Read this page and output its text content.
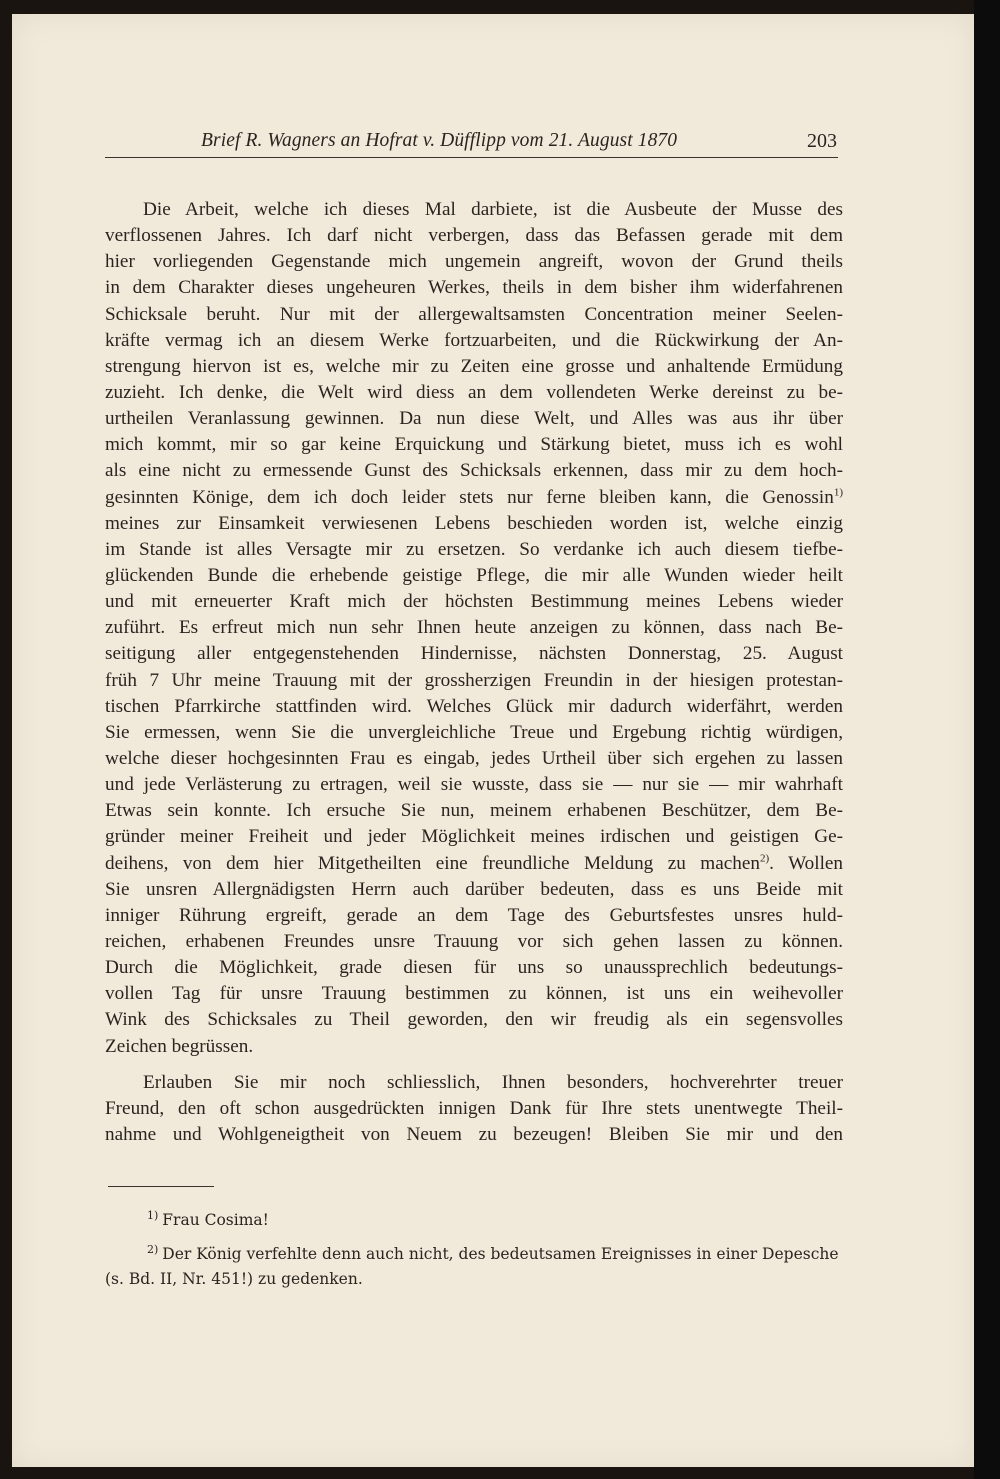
Brief R. Wagners an Hofrat v. Düfflipp vom 21. August 1870	203
Die Arbeit, welche ich dieses Mal darbiete, ist die Ausbeute der Musse des
verflossenen Jahres. Ich darf nicht verbergen, dass das Befassen gerade mit dem
hier vorliegenden Gegenstande mich ungemein angreift, wovon der Grund theils
in dem Charakter dieses ungeheuren Werkes, theils in dem bisher ihm widerfahrenen
Schicksale beruht. Nur mit der allergewaltsamsten Concentration meiner Seelen-
kräfte vermag ich an diesem Werke fortzuarbeiten, und die Rückwirkung der An-
strengung hiervon ist es, welche mir zu Zeiten eine grosse und anhaltende Ermüdung
zuzieht. Ich denke, die Welt wird diess an dem vollendeten Werke dereinst zu be-
urtheilen Veranlassung gewinnen. Da nun diese Welt, und Alles was aus ihr über
mich kommt, mir so gar keine Erquickung und Stärkung bietet, muss ich es wohl
als eine nicht zu ermessende Gunst des Schicksals erkennen, dass mir zu dem hoch-
gesinnten Könige, dem ich doch leider stets nur ferne bleiben kann, die Genossin$^{1)}$
meines zur Einsamkeit verwiesenen Lebens beschieden worden ist, welche einzig
im Stande ist alles Versagte mir zu ersetzen. So verdanke ich auch diesem tiefbe-
glückenden Bunde die erhebende geistige Pflege, die mir alle Wunden wieder heilt
und mit erneuerter Kraft mich der höchsten Bestimmung meines Lebens wieder
zuführt. Es erfreut mich nun sehr Ihnen heute anzeigen zu können, dass nach Be-
seitigung aller entgegenstehenden Hindernisse, nächsten Donnerstag, 25. August
früh 7 Uhr meine Trauung mit der grossherzigen Freundin in der hiesigen protestan-
tischen Pfarrkirche stattfinden wird. Welches Glück mir dadurch widerfährt, werden
Sie ermessen, wenn Sie die unvergleichliche Treue und Ergebung richtig würdigen,
welche dieser hochgesinnten Frau es eingab, jedes Urtheil über sich ergehen zu lassen
und jede Verlästerung zu ertragen, weil sie wusste, dass sie — nur sie — mir wahrhaft
Etwas sein konnte. Ich ersuche Sie nun, meinem erhabenen Beschützer, dem Be-
gründer meiner Freiheit und jeder Möglichkeit meines irdischen und geistigen Ge-
deihens, von dem hier Mitgetheilten eine freundliche Meldung zu machen$^{2)}$. Wollen
Sie unsren Allergnädigsten Herrn auch darüber bedeuten, dass es uns Beide mit
inniger Rührung ergreift, gerade an dem Tage des Geburtsfestes unsres huld-
reichen, erhabenen Freundes unsre Trauung vor sich gehen lassen zu können.
Durch die Möglichkeit, grade diesen für uns so unaussprechlich bedeutungs-
vollen Tag für unsre Trauung bestimmen zu können, ist uns ein weihevoller
Wink des Schicksales zu Theil geworden, den wir freudig als ein segensvolles
Zeichen begrüssen.
Erlauben Sie mir noch schliesslich, Ihnen besonders, hochverehrter treuer
Freund, den oft schon ausgedrückten innigen Dank für Ihre stets unentwegte Theil-
nahme und Wohlgeneigtheit von Neuem zu bezeugen! Bleiben Sie mir und den
$^{1)}$ Frau Cosima!
$^{2)}$ Der König verfehlte denn auch nicht, des bedeutsamen Ereignisses in einer Depesche
(s. Bd. II, Nr. 451!) zu gedenken.
